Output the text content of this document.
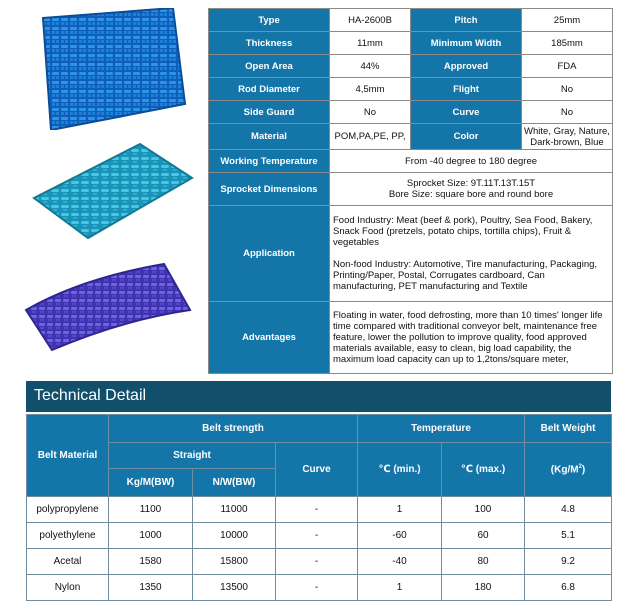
Type	HA-2600B	Pitch	25mm
Thickness	11mm	Minimum Width	185mm
Open Area	44%	Approved	FDA
Rod Diameter	4,5mm	Flight	No
Side Guard	No	Curve	No
Material	POM,PA,PE, PP,	Color	White, Gray, Nature, Dark-brown, Blue
Working Temperature	From -40 degree to 180 degree		
Sprocket Dimensions	Sprocket Size: 9T.11T.13T.15T
Bore Size: square bore and round bore		

Application	Food Industry: Meat (beef & pork), Poultry, Sea Food, Bakery, Snack Food (pretzels, potato chips, tortilla chips), Fruit & vegetables
Non-food Industry: Automotive, Tire manufacturing, Packaging, Printing/Paper, Postal, Corrugates cardboard, Can manufacturing, PET manufacturing and Textile		

Advantages	Floating in water, food defrosting, more than 10 times' longer life time compared with traditional conveyor belt, maintenance free feature, lower the pollution to improve quality, food approved materials available, easy to clean, big load capability, the maximum load capacity can up to 1,2tons/square meter,		
Technical Detail
Belt Material	Belt strength			Temperature		Belt Weight
	Straight		Curve	℃ (min.)	℃ (max.)	$(Kg/M^2)$
	Kg/M(BW)	N/W(BW)				
polypropylene	1100	11000	-	1	100	4.8
polyethylene	1000	10000	-	-60	60	5.1
Acetal	1580	15800	-	-40	80	9.2
Nylon	1350	13500	-	1	180	6.8
